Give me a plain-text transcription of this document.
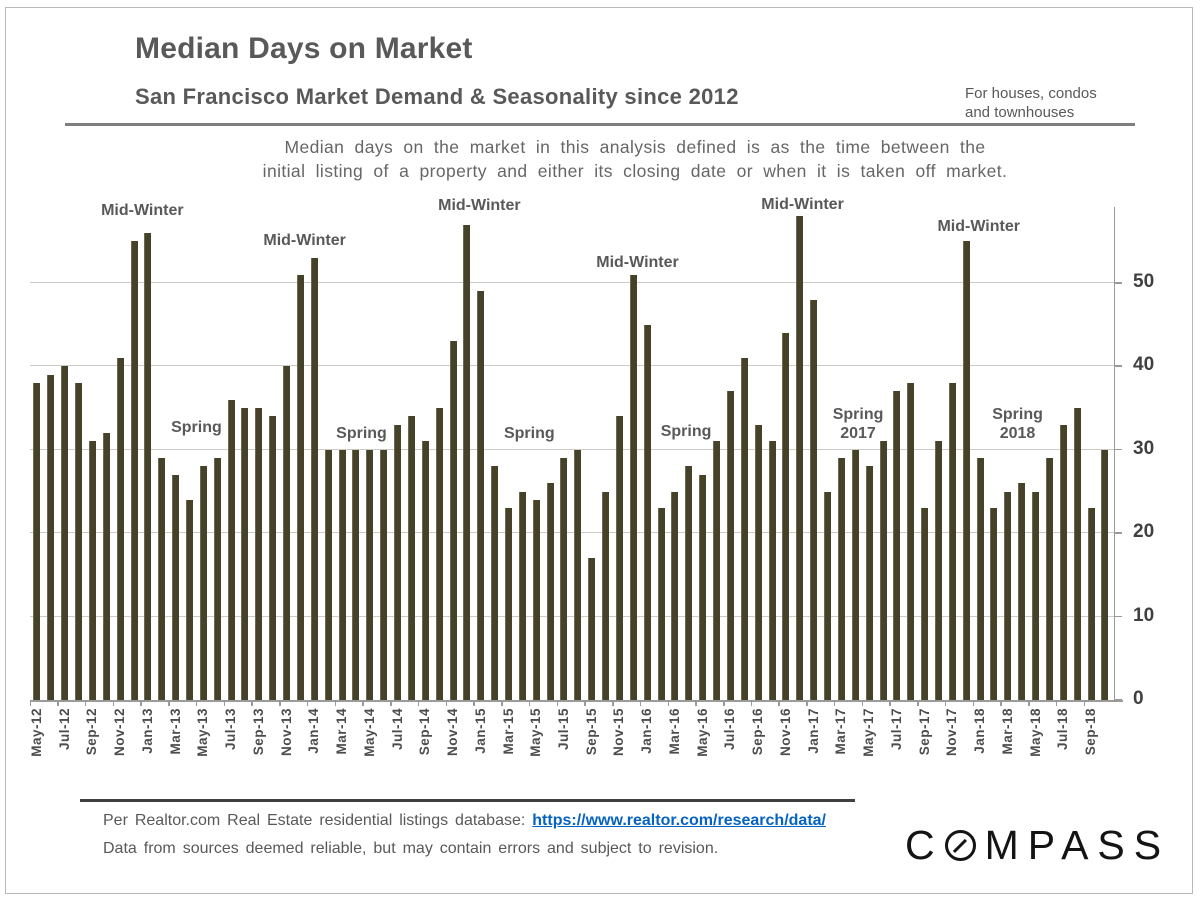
Median Days on Market
San Francisco Market Demand & Seasonality since 2012	For houses, condos
and townhouses
Median days on the market in this analysis defined is as the time between the
initial listing of a property and either its closing date or when it is taken off market.
0
10
20
30
40
50
May-12 Jul-12 Sep-12 Nov-12 Jan-13 Mar-13 May-13 Jul-13 Sep-13 Nov-13 Jan-14 Mar-14 May-14 Jul-14 Sep-14 Nov-14 Jan-15 Mar-15 May-15 Jul-15 Sep-15 Nov-15 Jan-16 Mar-16 May-16 Jul-16 Sep-16 Nov-16 Jan-17 Mar-17 May-17 Jul-17 Sep-17 Nov-17 Jan-18 Mar-18 May-18 Jul-18 Sep-18
Mid-Winter
Mid-Winter
Mid-Winter
Mid-Winter
Mid-Winter
Mid-Winter
Spring	Spring	Spring	Spring
Spring
2017
Spring
2018
Per Realtor.com Real Estate residential listings database: https://www.realtor.com/research/data/
Data from sources deemed reliable, but may contain errors and subject to revision.	C MPASS
